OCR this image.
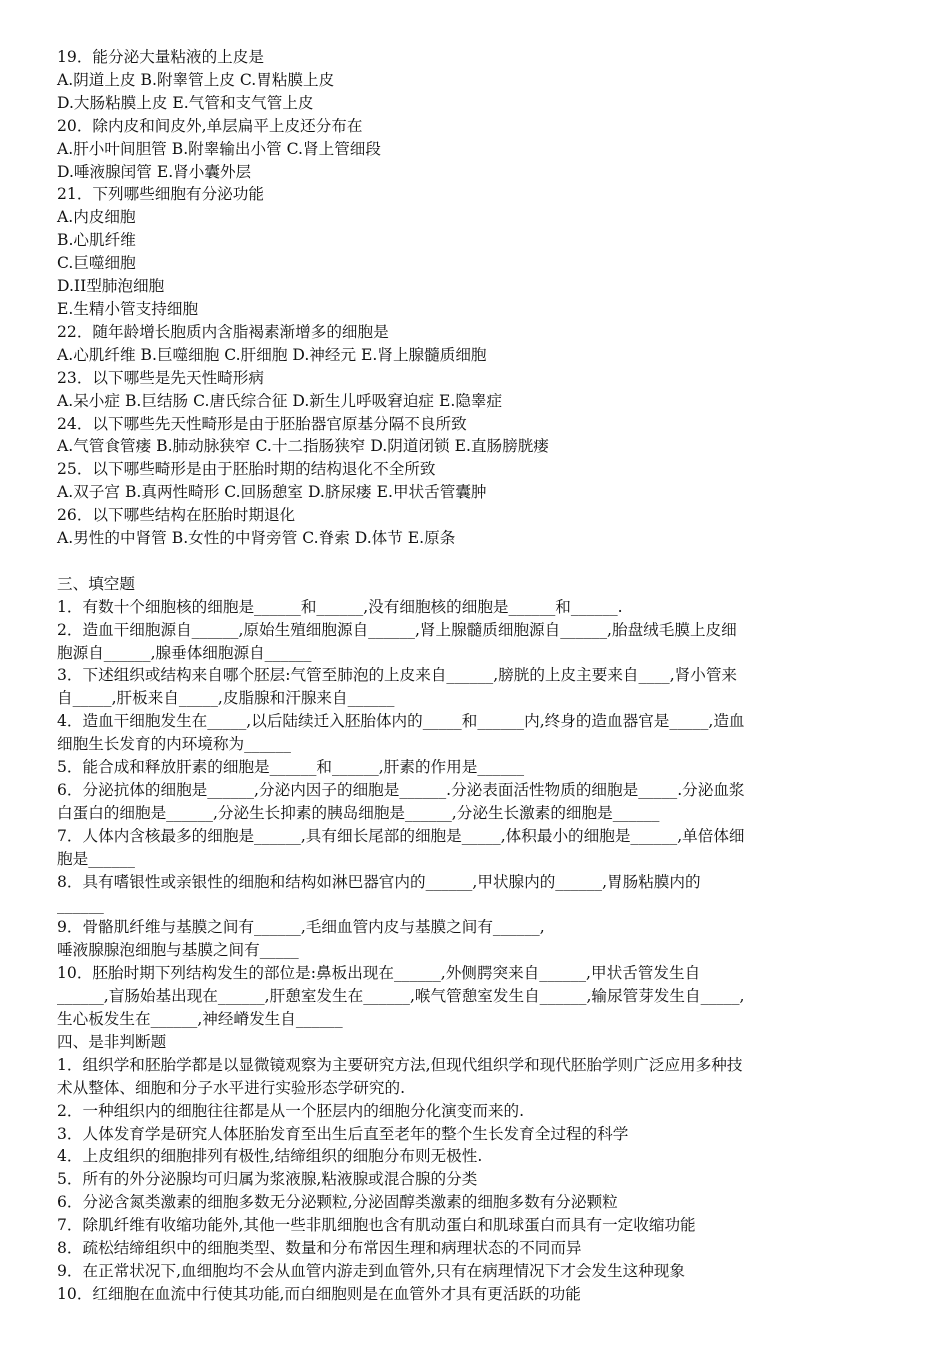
19．能分泌大量粘液的上皮是
A.阴道上皮 B.附睾管上皮 C.胃粘膜上皮
D.大肠粘膜上皮 E.气管和支气管上皮
20．除内皮和间皮外,单层扁平上皮还分布在
A.肝小叶间胆管 B.附睾输出小管 C.肾上管细段
D.唾液腺闰管 E.肾小囊外层
21．下列哪些细胞有分泌功能
A.内皮细胞
B.心肌纤维
C.巨噬细胞
D.II型肺泡细胞
E.生精小管支持细胞
22．随年龄增长胞质内含脂褐素渐增多的细胞是
A.心肌纤维 B.巨噬细胞 C.肝细胞 D.神经元 E.肾上腺髓质细胞
23．以下哪些是先天性畸形病
A.呆小症 B.巨结肠 C.唐氏综合征 D.新生儿呼吸窘迫症 E.隐睾症
24．以下哪些先天性畸形是由于胚胎器官原基分隔不良所致
A.气管食管瘘 B.肺动脉狭窄 C.十二指肠狭窄 D.阴道闭锁 E.直肠膀胱瘘
25．以下哪些畸形是由于胚胎时期的结构退化不全所致
A.双子宫 B.真两性畸形 C.回肠憩室 D.脐尿瘘 E.甲状舌管囊肿
26．以下哪些结构在胚胎时期退化
A.男性的中肾管 B.女性的中肾旁管 C.脊索 D.体节 E.原条
三、填空题
1．有数十个细胞核的细胞是______和______,没有细胞核的细胞是______和______.
2．造血干细胞源自______,原始生殖细胞源自______,肾上腺髓质细胞源自______,胎盘绒毛膜上皮细
胞源自______,腺垂体细胞源自______
3．下述组织或结构来自哪个胚层:气管至肺泡的上皮来自______,膀胱的上皮主要来自____,肾小管来
自_____,肝板来自_____,皮脂腺和汗腺来自______
4．造血干细胞发生在_____,以后陆续迁入胚胎体内的_____和______内,终身的造血器官是_____,造血
细胞生长发育的内环境称为______
5．能合成和释放肝素的细胞是______和______,肝素的作用是______
6．分泌抗体的细胞是______,分泌内因子的细胞是______.分泌表面活性物质的细胞是_____.分泌血浆
白蛋白的细胞是______,分泌生长抑素的胰岛细胞是______,分泌生长激素的细胞是______
7．人体内含核最多的细胞是______,具有细长尾部的细胞是_____,体积最小的细胞是______,单倍体细
胞是______
8．具有嗜银性或亲银性的细胞和结构如淋巴器官内的______,甲状腺内的______,胃肠粘膜内的
______
9．骨骼肌纤维与基膜之间有______,毛细血管内皮与基膜之间有______,
唾液腺腺泡细胞与基膜之间有_____
10．胚胎时期下列结构发生的部位是:鼻板出现在______,外侧腭突来自______,甲状舌管发生自
______,盲肠始基出现在______,肝憩室发生在______,喉气管憩室发生自______,输尿管芽发生自_____,
生心板发生在______,神经嵴发生自______
四、是非判断题
1．组织学和胚胎学都是以显微镜观察为主要研究方法,但现代组织学和现代胚胎学则广泛应用多种技
术从整体、细胞和分子水平进行实验形态学研究的.
2．一种组织内的细胞往往都是从一个胚层内的细胞分化演变而来的.
3．人体发育学是研究人体胚胎发育至出生后直至老年的整个生长发育全过程的科学
4．上皮组织的细胞排列有极性,结缔组织的细胞分布则无极性.
5．所有的外分泌腺均可归属为浆液腺,粘液腺或混合腺的分类
6．分泌含氮类激素的细胞多数无分泌颗粒,分泌固醇类激素的细胞多数有分泌颗粒
7．除肌纤维有收缩功能外,其他一些非肌细胞也含有肌动蛋白和肌球蛋白而具有一定收缩功能
8．疏松结缔组织中的细胞类型、数量和分布常因生理和病理状态的不同而异
9．在正常状况下,血细胞均不会从血管内游走到血管外,只有在病理情况下才会发生这种现象
10．红细胞在血流中行使其功能,而白细胞则是在血管外才具有更活跃的功能
